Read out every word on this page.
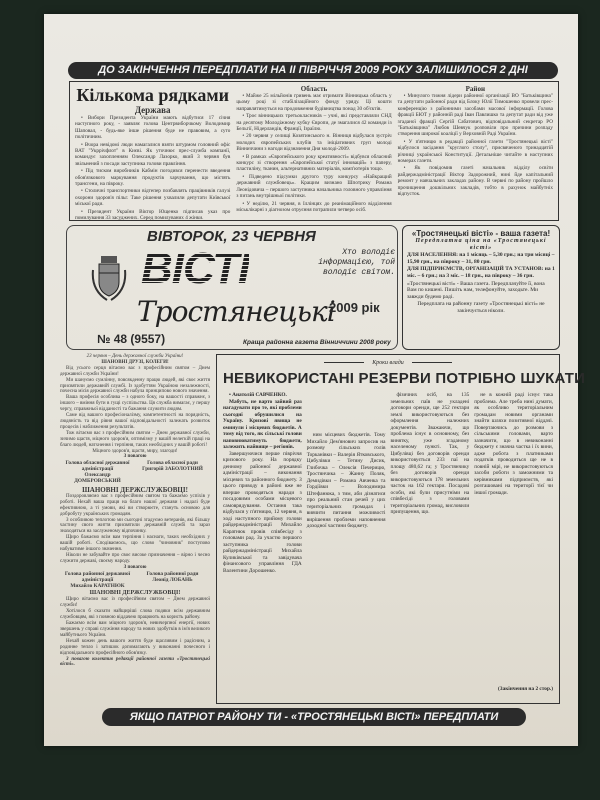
ДО ЗАКІНЧЕННЯ ПЕРЕДПЛАТИ НА ІІ ПІВРІЧЧЯ 2009 РОКУ ЗАЛИШИЛОСЯ 2 ДНІ
Кількома рядками
Держава

• Вибори Президента України мають відбутися 17 січня наступного року, - заявляє голова Центрвиборчкому Володимир Шаповал, - будь-яке інше рішення буде не правовим, а суто політичним.

• Вчора невідомі люди намагалися взяти штурмом головний офіс ВАТ "Укррічфлот" в Києві. Як уточнює прес-служба компанії, командує захопленням Олександр Лазорко, який 3 червня був звільнений з посади заступника голови правління.

• Під тиском виробників Кабмін погодився перенести введення обов'язкового маркування продуктів харчування, що містять трансгени, на півроку.

• Столичні транспортники відтепер позбавлять працівників галузі охорони здоров'я пільг. Таке рішення ухвалили депутати Київської міської ради.

• Президент України Віктор Ющенко підписав указ про помилування 33 засуджених. Серед помилуваних 4 жінки.

Область

• Майже 25 мільйонів гривень має отримати Вінницька область у цьому році зі стабілізаційного фонду уряду. Ці кошти направлятимуться на продовження будівництва понад 30 об'єктів.

• Троє вінницьких третьокласників – учні, які представляли СНД на десятому Молодіжному кубку Європи, де змагалися 42 команди із Бельгії, Нідерландів, Франції, Ізраїлю.

• 20 червня у селищі Козятинського н. Вінниця відбулася зустріч молодих європейських клубів та ініціативних груп молоді Вінниччини з нагоди відзначення Дня молоді-2009.

• В рамках «Європейського року креативності» відбувся обласний конкурс зі створення «Європейської статуї інновацій» з паперу, пластиліну, тканин, альтернативних матеріалів, комп'ютерів тощо.

• Підведено підсумки другого туру конкурсу «Найкращий державний службовець». Кращим визнано Шпотрику Романа Леонідовича – першого заступника начальника головного управління з питань внутрішньої політики.

• У неділю, 21 червня, в Іллінцях до реанімаційного відділення міськлікарні з діагнозом отруєння потрапили четверо осіб.

Район

• Минулого тижня лідери районної організації ВО "Батьківщина" та депутати районної ради від Блоку Юлії Тимошенко провели прес-конференцію з районними засобами масової інформації. Голова фракції БЮТ у районній раді Іван Павлишко та депутат ради від уже згаданої фракції Сергій Сабатович, відповідальний секретар РО "Батьківщина" Любов Шевчук розповіли про причини розпаду створення широкої коаліції у Верховній Раді України.

• У п'ятницю в редакції районної газети "Тростянецькі вісті" відбулося засідання "круглого столу", присвяченого тринадцятій річниці української Конституції. Детальніше читайте в наступних номерах газети.

• Як повідомив газеті начальник відділу освіти райдержадміністрації Віктор Задорожний, нині йде капітальний ремонт у навчальних закладах району. В червні по району пройшло прочищення дошкільних закладів, тобто в рахунок майбутніх відпусток.

ВІВТОРОК, 23 ЧЕРВНЯ
ВІСТІ
Тростянецькі
Хто володіє інформацією, той володіє світом.
2009 рік
№ 48 (9557)	Краща районна газета Вінниччини 2008 року
«Тростянецькі вісті» - ваша газета!
Передплатна ціна на «Тростянецькі вісті»

ДЛЯ НАСЕЛЕННЯ: на 1 місяць – 5,30 грн.; на три місяці – 15,90 грн., на півроку – 31, 80 грн.

ДЛЯ ПІДПРИЄМСТВ, ОРГАНІЗАЦІЙ ТА УСТАНОВ: на 1 міс. – 6 грн.; на 3 міс. – 18 грн., на півроку – 36 грн.

«Тростянецькі вісті» - Ваша газета. Передплачуйте її, вона Вам по кишені. Пишіть нам, телефонуйте, заходьте. Ми завжди будемо раді.

Передплата на районну газету «Тростянецькі вісті» не закінчується ніколи.

23 червня – День державної служби України!
ШАНОВНІ ДРУЗІ, КОЛЕГИ!

Від усього серця вітаємо вас з професійним святом – Днем державної служби України!

Ми шануємо сумлінну, повсякденну працю людей, які своє життя присвятили державній службі. Із здобуттям Україною незалежності, почесна місія державної служби набула принципово нового значення.

Ваша професія особлива – з одного боку, на вашості справжнє, з іншого – вміння бути в гущі суспільства. Ця служба вимагає, у першу чергу, справжньої відданості та бажання служити людям.

Саме від вашого професіоналізму, компетентності на порядність, людяність та від рівня вашої відповідальності залежать розвиток процесів і наближення результатів.

Тож вітаємо вас з професійним святом – Днем державної служби, зичимо щастя, міцного здоров'я, оптимізму у вашій нелегкій праці на благо людей, натхнення і терпіння, таких необхідних у вашій роботі!

Міцного здоров'я, щастя, миру, злагоди!
З повагою
Голова обласної державної адміністрації
Олександр ДОМБРОВСЬКИЙ
Голова обласної ради
Григорій ЗАБОЛОТНИЙ
ШАНОВНІ ДЕРЖСЛУЖБОВЦІ!

Поздоровляємо вас з професійним святом та бажаємо успіхів у роботі. Нехай ваша праця на благо нашої держави і надалі буде ефективною, а ті умови, які ви створюєте, стануть основою для добробуту українських громадян.

З особливою теплотою ми сьогодні згадуємо ветеранів, які більшу частину свого життя присвятили державній службі та зараз знаходяться на заслуженому відпочинку.

Щиро бажаємо всім вам терпіння і наснаги, таких необхідних у вашій роботі. Сподіваємось, що слово "чиновник" поступово набуватиме іншого значення.

Ніколи не забувайте про своє високе призначення – вірно і чесно служити державі, своєму народу.

З повагою
Голова районної державної адміністрації
Михайло КАРАТНЮК
Голова районної ради
Леонід ЛОБАНЬ
ШАНОВНІ ДЕРЖСЛУЖБОВЦІ!

Щиро вітаємо вас із професійним святом – Днем державної служби!

Хотілося б сказати найщиріші слова подяки всім державним службовцям, які з повною віддачею працюють на користь району.

Бажаємо всім вам міцного здоров'я, невичерпної енергії, нових звершень у справі служіння народу та нових здобутків в ім'я великого майбутнього України.

Нехай кожен день вашого життя буде щасливим і радісним, а родинне тепло і затишок допомагають у виконанні почесного і відповідального професійного обов'язку.

З повагою колектив редакції районної газети «Тростянецькі вісті».

Кроки влади
НЕВИКОРИСТАНІ РЕЗЕРВИ ПОТРІБНО ШУКАТИ

• Анатолій САВЧЕНКО.

Мабуть, не варто зайвий раз нагадувати про те, які проблеми сьогодні обрушилися на Україну. Кризові явища не оминули і місцевих бюджетів. А тому від того, як сільські голови наповнюватимуть бюджети, залежить найвище – регіонів.

Завершуючися перше півріччя кризового року. На порядку денному районної державної адміністрації – виконання місцевих та районного бюджету. З цього приводу в районі вже не вперше проводяться наради з посадовими особами місцевого самоврядування. Остання така відбулася у п'ятницю, 12 червня, в ході наступного прийому голови райдержадміністрації Михайло Каратнюк провів співбесіду з головами рад. За участю першого заступника голови райдержадміністрації Михайла Куликівської та завідувача фінансового управління ГДА Валентини Дорошенко.

ним місцевих бюджетів. Тому Михайло Дем'янович запросив на розмову сільських голів Торканівки – Валерія Ятковського, Цибулівки – Тетяну Дисик, Глибочка – Олексія Печерицю, Тростянчика – Жанну Поляк, Демидівки – Романа Авченка та Гордіївки – Володимира Штефанюка, з тим, аби дізнатися про реальний стан речей у цих територіальних громадах і вивчити питання можливості вирішення проблеми наповнення доходної частини бюджету.

фізичних осіб, на 135 земельних паїв не укладені договори оренди, ще 252 гектари землі використовуються без оформлення належних документів. Зважаючи, що проблема існує в основному, без винятку, уже згаданому населеному пункті. Так, у Цибулівці без договорів оренди використовується 233 паї на площу 480,62 га; у Тростянчику без договорів оренди використовуються 178 земельних часток на 162 гектари. Посадові особи, які були присутніми на співбесіді з головами територіальних громад, висловили припущення, що.

не в кожній раді існує така проблема. Але треба нині думати, як особливо територіальним громадам новими органами знайти шляхи позитивної віддачі. Повертаючись до розмови з сільськими головами, варто зазначити, що в невиконанні бюджету є значна частка і їх вини, адже робота з платниками податків проводиться ще не в повній мірі, не використовуються засоби роботи з заможними та керівниками підприємств, які розташовані на території тієї чи іншої громади.

(Закінчення на 2 стор.)
ЯКЩО ПАТРІОТ РАЙОНУ ТИ - «ТРОСТЯНЕЦЬКІ ВІСТІ» ПЕРЕДПЛАТИ
